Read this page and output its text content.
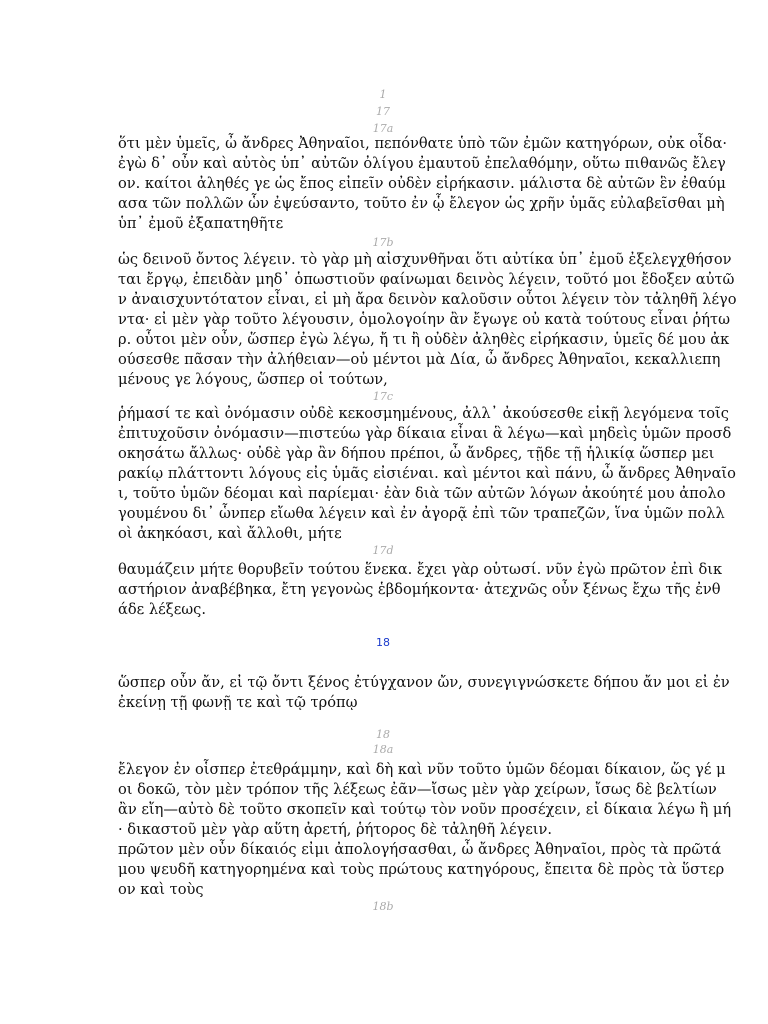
1
17
17a
ὅτι μὲν ὑμεῖς, ὦ ἄνδρες Ἀθηναῖοι, πεπόνθατε ὑπὸ τῶν ἐμῶν κατηγόρων, οὐκ οἶδα·
ἐγὼ δ᾽ οὖν καὶ αὐτὸς ὑπ᾽ αὐτῶν ὀλίγου ἐμαυτοῦ ἐπελαθόμην, οὕτω πιθανῶς ἔλεγ
ον. καίτοι ἀληθές γε ὡς ἔπος εἰπεῖν οὐδὲν εἰρήκασιν. μάλιστα δὲ αὐτῶν ἓν ἐθαύμ
ασα τῶν πολλῶν ὧν ἐψεύσαντο, τοῦτο ἐν ᾧ ἔλεγον ὡς χρῆν ὑμᾶς εὐλαβεῖσθαι μὴ
ὑπ᾽ ἐμοῦ ἐξαπατηθῆτε
17b
ὡς δεινοῦ ὄντος λέγειν. τὸ γὰρ μὴ αἰσχυνθῆναι ὅτι αὐτίκα ὑπ᾽ ἐμοῦ ἐξελεγχθήσον
ται ἔργῳ, ἐπειδὰν μηδ᾽ ὁπωστιοῦν φαίνωμαι δεινὸς λέγειν, τοῦτό μοι ἔδοξεν αὐτῶ
ν ἀναισχυντότατον εἶναι, εἰ μὴ ἄρα δεινὸν καλοῦσιν οὗτοι λέγειν τὸν τἀληθῆ λέγο
ντα· εἰ μὲν γὰρ τοῦτο λέγουσιν, ὁμολογοίην ἂν ἔγωγε οὐ κατὰ τούτους εἶναι ῥήτω
ρ. οὗτοι μὲν οὖν, ὥσπερ ἐγὼ λέγω, ἤ τι ἢ οὐδὲν ἀληθὲς εἰρήκασιν, ὑμεῖς δέ μου ἀκ
ούσεσθε πᾶσαν τὴν ἀλήθειαν—οὐ μέντοι μὰ Δία, ὦ ἄνδρες Ἀθηναῖοι, κεκαλλιεπη
μένους γε λόγους, ὥσπερ οἱ τούτων,
17c
ῥήμασί τε καὶ ὀνόμασιν οὐδὲ κεκοσμημένους, ἀλλ᾽ ἀκούσεσθε εἰκῇ λεγόμενα τοῖς
ἐπιτυχοῦσιν ὀνόμασιν—πιστεύω γὰρ δίκαια εἶναι ἃ λέγω—καὶ μηδεὶς ὑμῶν προσδ
οκησάτω ἄλλως· οὐδὲ γὰρ ἂν δήπου πρέποι, ὦ ἄνδρες, τῇδε τῇ ἡλικίᾳ ὥσπερ μει
ρακίῳ πλάττοντι λόγους εἰς ὑμᾶς εἰσιέναι. καὶ μέντοι καὶ πάνυ, ὦ ἄνδρες Ἀθηναῖο
ι, τοῦτο ὑμῶν δέομαι καὶ παρίεμαι· ἐὰν διὰ τῶν αὐτῶν λόγων ἀκούητέ μου ἀπολο
γουμένου δι᾽ ὧνπερ εἴωθα λέγειν καὶ ἐν ἀγορᾷ ἐπὶ τῶν τραπεζῶν, ἵνα ὑμῶν πολλ
οὶ ἀκηκόασι, καὶ ἄλλοθι, μήτε
17d
θαυμάζειν μήτε θορυβεῖν τούτου ἕνεκα. ἔχει γὰρ οὑτωσί. νῦν ἐγὼ πρῶτον ἐπὶ δικ
αστήριον ἀναβέβηκα, ἔτη γεγονὼς ἑβδομήκοντα· ἀτεχνῶς οὖν ξένως ἔχω τῆς ἐνθ
άδε λέξεως.
18
ὥσπερ οὖν ἄν, εἰ τῷ ὄντι ξένος ἐτύγχανον ὤν, συνεγιγνώσκετε δήπου ἄν μοι εἰ ἐν
ἐκείνῃ τῇ φωνῇ τε καὶ τῷ τρόπῳ
18
18a
ἔλεγον ἐν οἷσπερ ἐτεθράμμην, καὶ δὴ καὶ νῦν τοῦτο ὑμῶν δέομαι δίκαιον, ὥς γέ μ
οι δοκῶ, τὸν μὲν τρόπον τῆς λέξεως ἐᾶν—ἴσως μὲν γὰρ χείρων, ἴσως δὲ βελτίων
ἂν εἴη—αὐτὸ δὲ τοῦτο σκοπεῖν καὶ τούτῳ τὸν νοῦν προσέχειν, εἰ δίκαια λέγω ἢ μή
· δικαστοῦ μὲν γὰρ αὕτη ἀρετή, ῥήτορος δὲ τἀληθῆ λέγειν.
πρῶτον μὲν οὖν δίκαιός εἰμι ἀπολογήσασθαι, ὦ ἄνδρες Ἀθηναῖοι, πρὸς τὰ πρῶτά
μου ψευδῆ κατηγορημένα καὶ τοὺς πρώτους κατηγόρους, ἔπειτα δὲ πρὸς τὰ ὕστερ
ον καὶ τοὺς
18b
